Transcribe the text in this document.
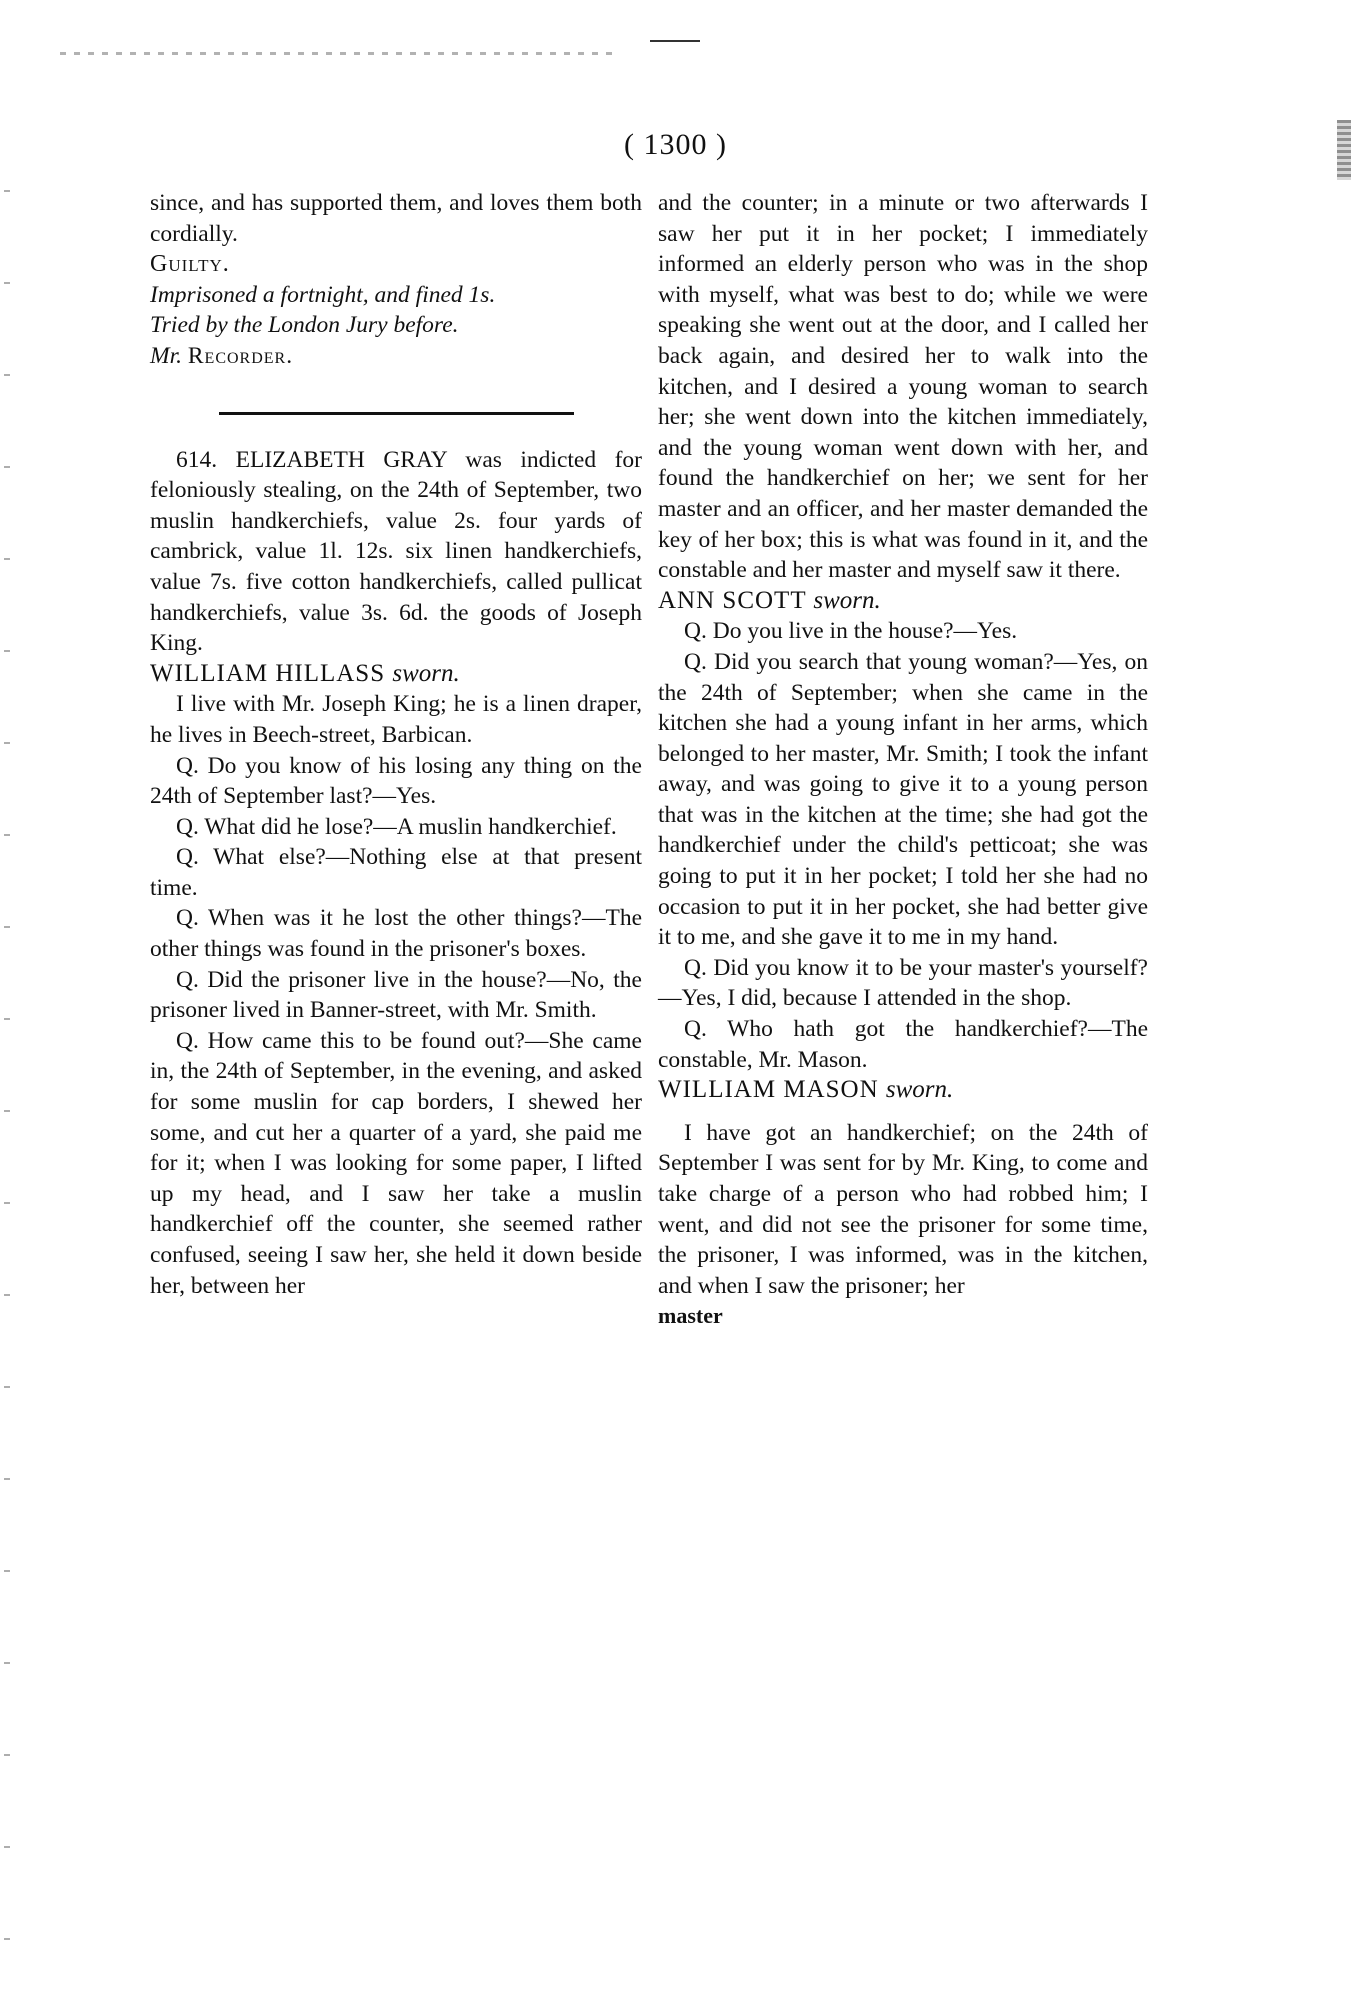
( 1300 )

since, and has supported them, and loves them both cordially.

Guilty.

Imprisoned a fortnight, and fined 1s.

Tried by the London Jury before.

Mr. Recorder.

614. ELIZABETH GRAY was indicted for feloniously stealing, on the 24th of September, two muslin handkerchiefs, value 2s. four yards of cambrick, value 1l. 12s. six linen handkerchiefs, value 7s. five cotton handkerchiefs, called pullicat handkerchiefs, value 3s. 6d. the goods of Joseph King.

WILLIAM HILLASS sworn.

I live with Mr. Joseph King; he is a linen draper, he lives in Beech-street, Barbican.

Q. Do you know of his losing any thing on the 24th of September last?—Yes.

Q. What did he lose?—A muslin handkerchief.

Q. What else?—Nothing else at that present time.

Q. When was it he lost the other things?—The other things was found in the prisoner's boxes.

Q. Did the prisoner live in the house?—No, the prisoner lived in Banner-street, with Mr. Smith.

Q. How came this to be found out?—She came in, the 24th of September, in the evening, and asked for some muslin for cap borders, I shewed her some, and cut her a quarter of a yard, she paid me for it; when I was looking for some paper, I lifted up my head, and I saw her take a muslin handkerchief off the counter, she seemed rather confused, seeing I saw her, she held it down beside her, between her

and the counter; in a minute or two afterwards I saw her put it in her pocket; I immediately informed an elderly person who was in the shop with myself, what was best to do; while we were speaking she went out at the door, and I called her back again, and desired her to walk into the kitchen, and I desired a young woman to search her; she went down into the kitchen immediately, and the young woman went down with her, and found the handkerchief on her; we sent for her master and an officer, and her master demanded the key of her box; this is what was found in it, and the constable and her master and myself saw it there.

ANN SCOTT sworn.

Q. Do you live in the house?—Yes.

Q. Did you search that young woman?—Yes, on the 24th of September; when she came in the kitchen she had a young infant in her arms, which belonged to her master, Mr. Smith; I took the infant away, and was going to give it to a young person that was in the kitchen at the time; she had got the handkerchief under the child's petticoat; she was going to put it in her pocket; I told her she had no occasion to put it in her pocket, she had better give it to me, and she gave it to me in my hand.

Q. Did you know it to be your master's yourself?—Yes, I did, because I attended in the shop.

Q. Who hath got the handkerchief?—The constable, Mr. Mason.

WILLIAM MASON sworn.

I have got an handkerchief; on the 24th of September I was sent for by Mr. King, to come and take charge of a person who had robbed him; I went, and did not see the prisoner for some time, the prisoner, I was informed, was in the kitchen, and when I saw the prisoner; her

master
